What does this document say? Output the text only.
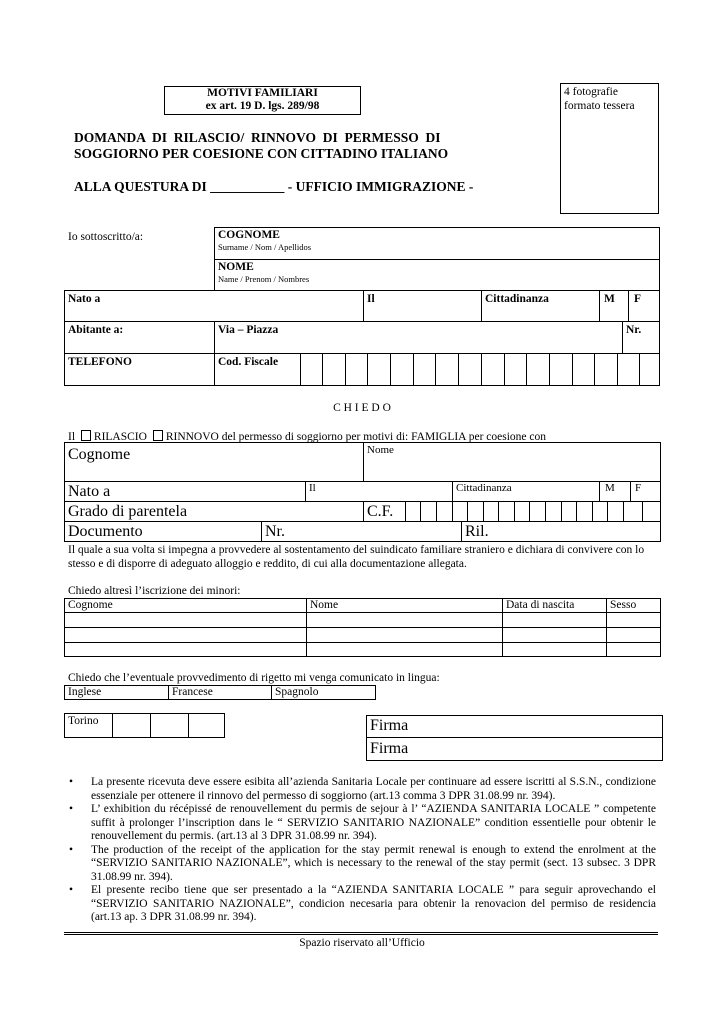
MOTIVI FAMILIARI
ex art. 19 D. lgs. 289/98
4 fotografie
formato tessera
DOMANDA  DI  RILASCIO/  RINNOVO  DI  PERMESSO  DI
SOGGIORNO PER COESIONE CON CITTADINO ITALIANO
ALLA QUESTURA DI ___________ - UFFICIO IMMIGRAZIONE -
Io sottoscritto/a:	COGNOME
Surname / Nom / Apellidos
NOME
Name / Prenom / Nombres
Nato a	Il	Cittadinanza	M F
Abitante a:	Via – Piazza	Nr.
TELEFONO	Cod. Fiscale
C H I E D O
Il RILASCIO RINNOVO del permesso di soggiorno per motivi di: FAMIGLIA per coesione con
Cognome	Nome
Nato a	Il	Cittadinanza	M F
Grado di parentela	C.F.
Documento	Nr.	Ril.
Il quale a sua volta si impegna a provvedere al sostentamento del suindicato familiare straniero e dichiara di convivere con lo stesso e di disporre di adeguato alloggio e reddito, di cui alla documentazione allegata.
Chiedo altresì l’iscrizione dei minori:
Cognome	Nome	Data di nascita	Sesso
Chiedo che l’eventuale provvedimento di rigetto mi venga comunicato in lingua:
Inglese	Francese	Spagnolo
Torino	Firma
Firma
• La presente ricevuta deve essere esibita all’azienda Sanitaria Locale per continuare ad essere iscritti al S.S.N., condizione essenziale per ottenere il rinnovo del permesso di soggiorno (art.13 comma 3 DPR 31.08.99 nr. 394).
• L’ exhibition du récépissé de renouvellement du permis de sejour à l’ “AZIENDA SANITARIA LOCALE ” competente suffit à prolonger l’inscription dans le “ SERVIZIO SANITARIO NAZIONALE” condition essentielle pour obtenir le renouvellement du permis. (art.13 al 3 DPR 31.08.99 nr. 394).
• The production of the receipt of the application for the stay permit renewal is enough to extend the enrolment at the “SERVIZIO SANITARIO NAZIONALE”, which is necessary to the renewal of the stay permit (sect. 13 subsec. 3 DPR 31.08.99 nr. 394).
• El presente recibo tiene que ser presentado a la “AZIENDA SANITARIA LOCALE ” para seguir aprovechando el “SERVIZIO SANITARIO NAZIONALE”, condicion necesaria para obtenir la renovacion del permiso de residencia (art.13 ap. 3 DPR 31.08.99 nr. 394).
Spazio riservato all’Ufficio
